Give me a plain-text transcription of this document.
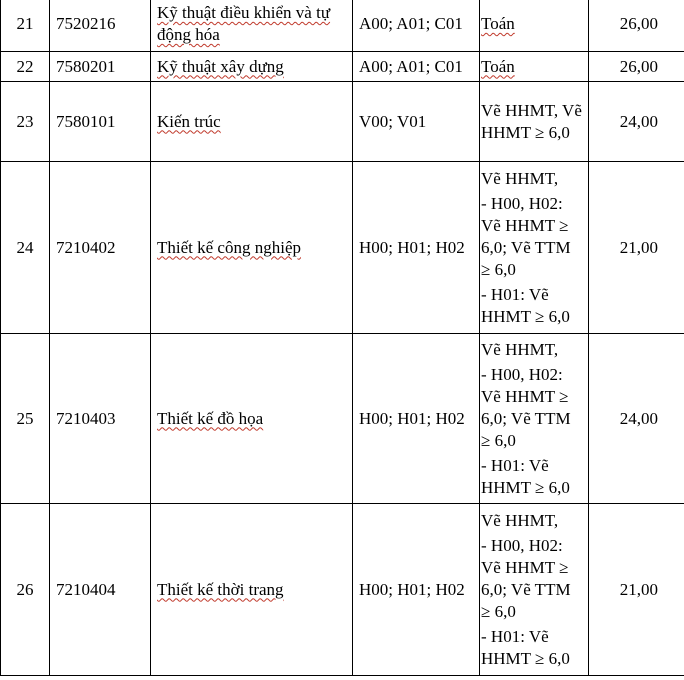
21	7520216	Kỹ thuật điều khiển và tự động hóa	A00; A01; C01	Toán	26,00
22	7580201	Kỹ thuật xây dựng	A00; A01; C01	Toán	26,00
23	7580101	Kiến trúc	V00; V01	Vẽ HHMT, Vẽ HHMT ≥ 6,0	24,00
24	7210402	Thiết kế công nghiệp	H00; H01; H02	Vẽ HHMT,

- H00, H02: Vẽ HHMT ≥ 6,0; Vẽ TTM ≥ 6,0

- H01: Vẽ HHMT ≥ 6,0	21,00
25	7210403	Thiết kế đồ họa	H00; H01; H02	Vẽ HHMT,

- H00, H02: Vẽ HHMT ≥ 6,0; Vẽ TTM ≥ 6,0

- H01: Vẽ HHMT ≥ 6,0	24,00
26	7210404	Thiết kế thời trang	H00; H01; H02	Vẽ HHMT,

- H00, H02: Vẽ HHMT ≥ 6,0; Vẽ TTM ≥ 6,0

- H01: Vẽ HHMT ≥ 6,0	21,00
